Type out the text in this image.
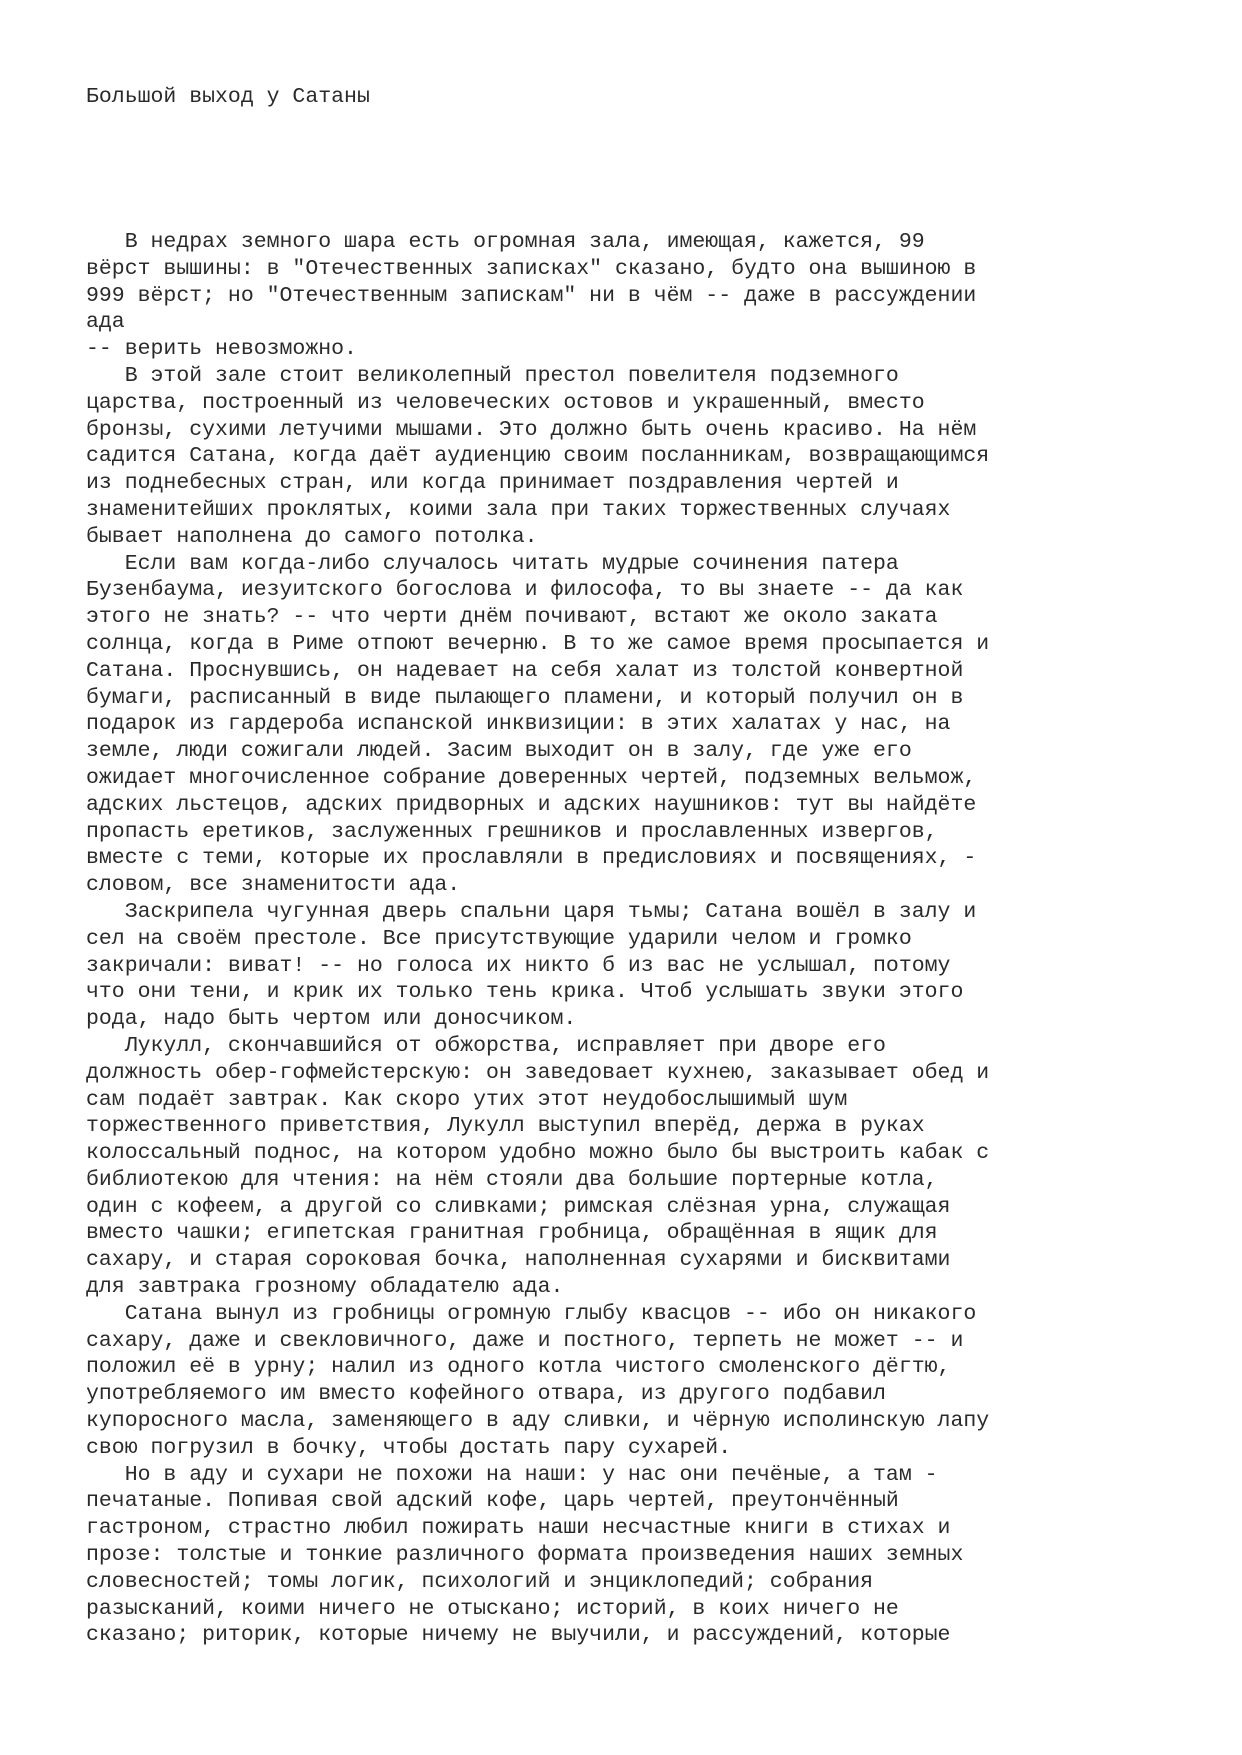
Большой выход у Сатаны
В недрах земного шара есть огромная зала, имеющая, кажется, 99
вёрст вышины: в "Отечественных записках" сказано, будто она вышиною в
999 вёрст; но "Отечественным запискам" ни в чём -- даже в рассуждении
ада
-- верить невозможно.
В этой зале стоит великолепный престол повелителя подземного
царства, построенный из человеческих остовов и украшенный, вместо
бронзы, сухими летучими мышами. Это должно быть очень красиво. На нём
садится Сатана, когда даёт аудиенцию своим посланникам, возвращающимся
из поднебесных стран, или когда принимает поздравления чертей и
знаменитейших проклятых, коими зала при таких торжественных случаях
бывает наполнена до самого потолка.
Если вам когда-либо случалось читать мудрые сочинения патера
Бузенбаума, иезуитского богослова и философа, то вы знаете -- да как
этого не знать? -- что черти днём почивают, встают же около заката
солнца, когда в Риме отпоют вечерню. В то же самое время просыпается и
Сатана. Проснувшись, он надевает на себя халат из толстой конвертной
бумаги, расписанный в виде пылающего пламени, и который получил он в
подарок из гардероба испанской инквизиции: в этих халатах у нас, на
земле, люди сожигали людей. Засим выходит он в залу, где уже его
ожидает многочисленное собрание доверенных чертей, подземных вельмож,
адских льстецов, адских придворных и адских наушников: тут вы найдёте
пропасть еретиков, заслуженных грешников и прославленных извергов,
вместе с теми, которые их прославляли в предисловиях и посвящениях, -
словом, все знаменитости ада.
Заскрипела чугунная дверь спальни царя тьмы; Сатана вошёл в залу и
сел на своём престоле. Все присутствующие ударили челом и громко
закричали: виват! -- но голоса их никто б из вас не услышал, потому
что они тени, и крик их только тень крика. Чтоб услышать звуки этого
рода, надо быть чертом или доносчиком.
Лукулл, скончавшийся от обжорства, исправляет при дворе его
должность обер-гофмейстерскую: он заведовает кухнею, заказывает обед и
сам подаёт завтрак. Как скоро утих этот неудобослышимый шум
торжественного приветствия, Лукулл выступил вперёд, держа в руках
колоссальный поднос, на котором удобно можно было бы выстроить кабак с
библиотекою для чтения: на нём стояли два большие портерные котла,
один с кофеем, а другой со сливками; римская слёзная урна, служащая
вместо чашки; египетская гранитная гробница, обращённая в ящик для
сахару, и старая сороковая бочка, наполненная сухарями и бисквитами
для завтрака грозному обладателю ада.
Сатана вынул из гробницы огромную глыбу квасцов -- ибо он никакого
сахару, даже и свекловичного, даже и постного, терпеть не может -- и
положил её в урну; налил из одного котла чистого смоленского дёгтю,
употребляемого им вместо кофейного отвара, из другого подбавил
купоросного масла, заменяющего в аду сливки, и чёрную исполинскую лапу
свою погрузил в бочку, чтобы достать пару сухарей.
Но в аду и сухари не похожи на наши: у нас они печёные, а там -
печатаные. Попивая свой адский кофе, царь чертей, преутончённый
гастроном, страстно любил пожирать наши несчастные книги в стихах и
прозе: толстые и тонкие различного формата произведения наших земных
словесностей; томы логик, психологий и энциклопедий; собрания
разысканий, коими ничего не отыскано; историй, в коих ничего не
сказано; риторик, которые ничему не выучили, и рассуждений, которые
